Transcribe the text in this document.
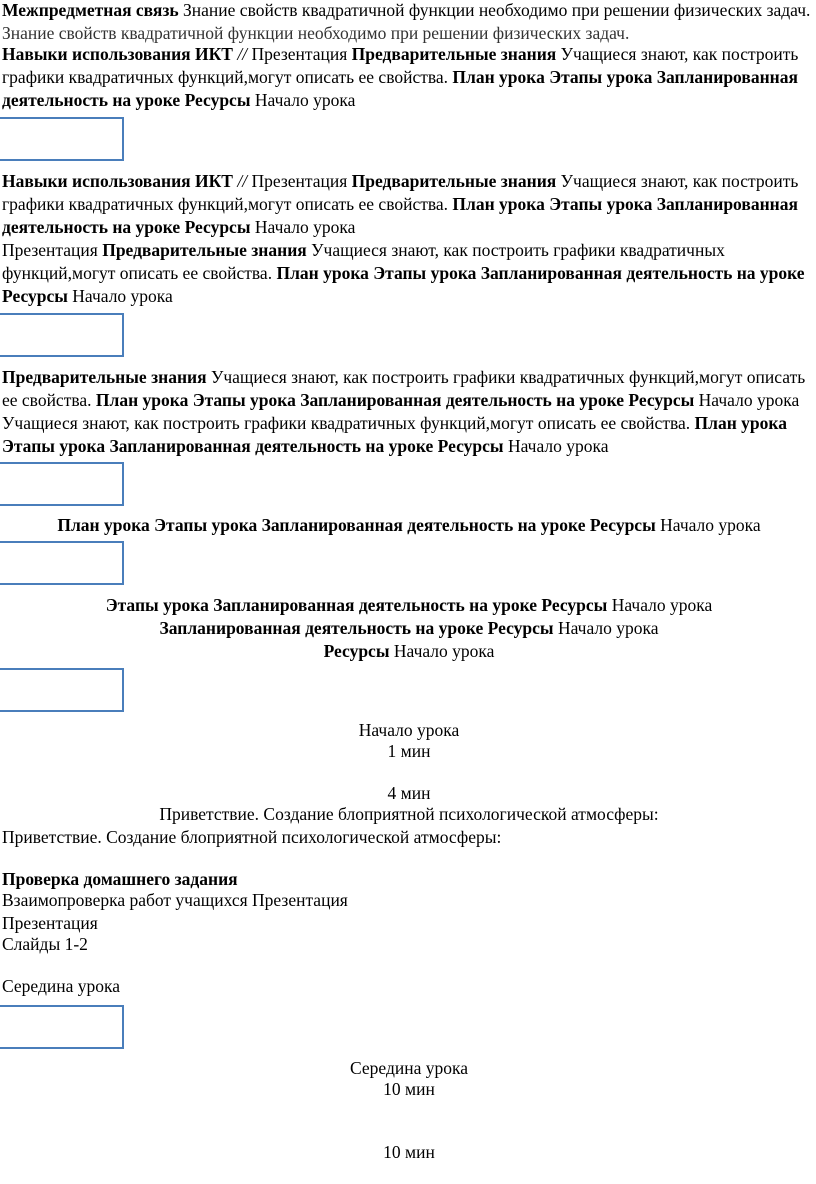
Межпредметная связь Знание свойств квадратичной функции необходимо при решении физических задач.

Знание свойств квадратичной функции необходимо при решении физических задач.

Навыки использования ИКТ // Презентация Предварительные знания Учащиеся знают, как построить графики квадратичных функций,могут описать ее свойства. План урока Этапы урока Запланированная деятельность на уроке Ресурсы Начало урока

Навыки использования ИКТ // Презентация Предварительные знания Учащиеся знают, как построить графики квадратичных функций,могут описать ее свойства. План урока Этапы урока Запланированная деятельность на уроке Ресурсы Начало урока

Презентация Предварительные знания Учащиеся знают, как построить графики квадратичных функций,могут описать ее свойства. План урока Этапы урока Запланированная деятельность на уроке Ресурсы Начало урока

Предварительные знания Учащиеся знают, как построить графики квадратичных функций,могут описать ее свойства. План урока Этапы урока Запланированная деятельность на уроке Ресурсы Начало урока

Учащиеся знают, как построить графики квадратичных функций,могут описать ее свойства. План урока Этапы урока Запланированная деятельность на уроке Ресурсы Начало урока

План урока Этапы урока Запланированная деятельность на уроке Ресурсы Начало урока

Этапы урока Запланированная деятельность на уроке Ресурсы Начало урока

Запланированная деятельность на уроке Ресурсы Начало урока

Ресурсы Начало урока

Начало урока

1 мин

4 мин

Приветствие. Создание блоприятной психологической атмосферы:

Приветствие. Создание блоприятной психологической атмосферы:

Проверка домашнего задания

Взаимопроверка работ учащихся Презентация

Презентация

Слайды 1-2

Середина урока

Середина урока

10 мин

10 мин
